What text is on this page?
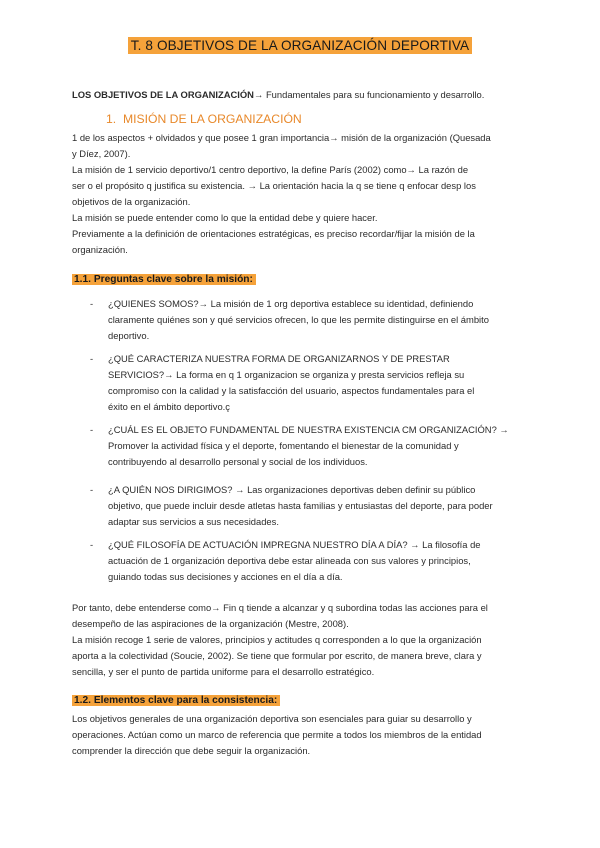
T. 8 OBJETIVOS DE LA ORGANIZACIÓN DEPORTIVA
LOS OBJETIVOS DE LA ORGANIZACIÓN→ Fundamentales para su funcionamiento y desarrollo.
1. MISIÓN DE LA ORGANIZACIÓN
1 de los aspectos + olvidados y que posee 1 gran importancia→ misión de la organización (Quesada
y Díez, 2007).
La misión de 1 servicio deportivo/1 centro deportivo, la define París (2002) como→ La razón de
ser o el propósito q justifica su existencia. → La orientación hacia la q se tiene q enfocar desp los
objetivos de la organización.
La misión se puede entender como lo que la entidad debe y quiere hacer.
Previamente a la definición de orientaciones estratégicas, es preciso recordar/fijar la misión de la
organización.
1.1. Preguntas clave sobre la misión:
- ¿QUIENES SOMOS?→ La misión de 1 org deportiva establece su identidad, definiendo
claramente quiénes son y qué servicios ofrecen, lo que les permite distinguirse en el ámbito
deportivo.
- ¿QUÉ CARACTERIZA NUESTRA FORMA DE ORGANIZARNOS Y DE PRESTAR
SERVICIOS?→ La forma en q 1 organizacion se organiza y presta servicios refleja su
compromiso con la calidad y la satisfacción del usuario, aspectos fundamentales para el
éxito en el ámbito deportivo.ç
- ¿CUÁL ES EL OBJETO FUNDAMENTAL DE NUESTRA EXISTENCIA CM ORGANIZACIÓN? →
Promover la actividad física y el deporte, fomentando el bienestar de la comunidad y
contribuyendo al desarrollo personal y social de los individuos.
- ¿A QUIÉN NOS DIRIGIMOS? → Las organizaciones deportivas deben definir su público
objetivo, que puede incluir desde atletas hasta familias y entusiastas del deporte, para poder
adaptar sus servicios a sus necesidades.
- ¿QUÉ FILOSOFÍA DE ACTUACIÓN IMPREGNA NUESTRO DÍA A DÍA? → La filosofía de
actuación de 1 organización deportiva debe estar alineada con sus valores y principios,
guiando todas sus decisiones y acciones en el día a día.
Por tanto, debe entenderse como→ Fin q tiende a alcanzar y q subordina todas las acciones para el
desempeño de las aspiraciones de la organización (Mestre, 2008).
La misión recoge 1 serie de valores, principios y actitudes q corresponden a lo que la organización
aporta a la colectividad (Soucie, 2002). Se tiene que formular por escrito, de manera breve, clara y
sencilla, y ser el punto de partida uniforme para el desarrollo estratégico.
1.2. Elementos clave para la consistencia:
Los objetivos generales de una organización deportiva son esenciales para guiar su desarrollo y
operaciones. Actúan como un marco de referencia que permite a todos los miembros de la entidad
comprender la dirección que debe seguir la organización.
